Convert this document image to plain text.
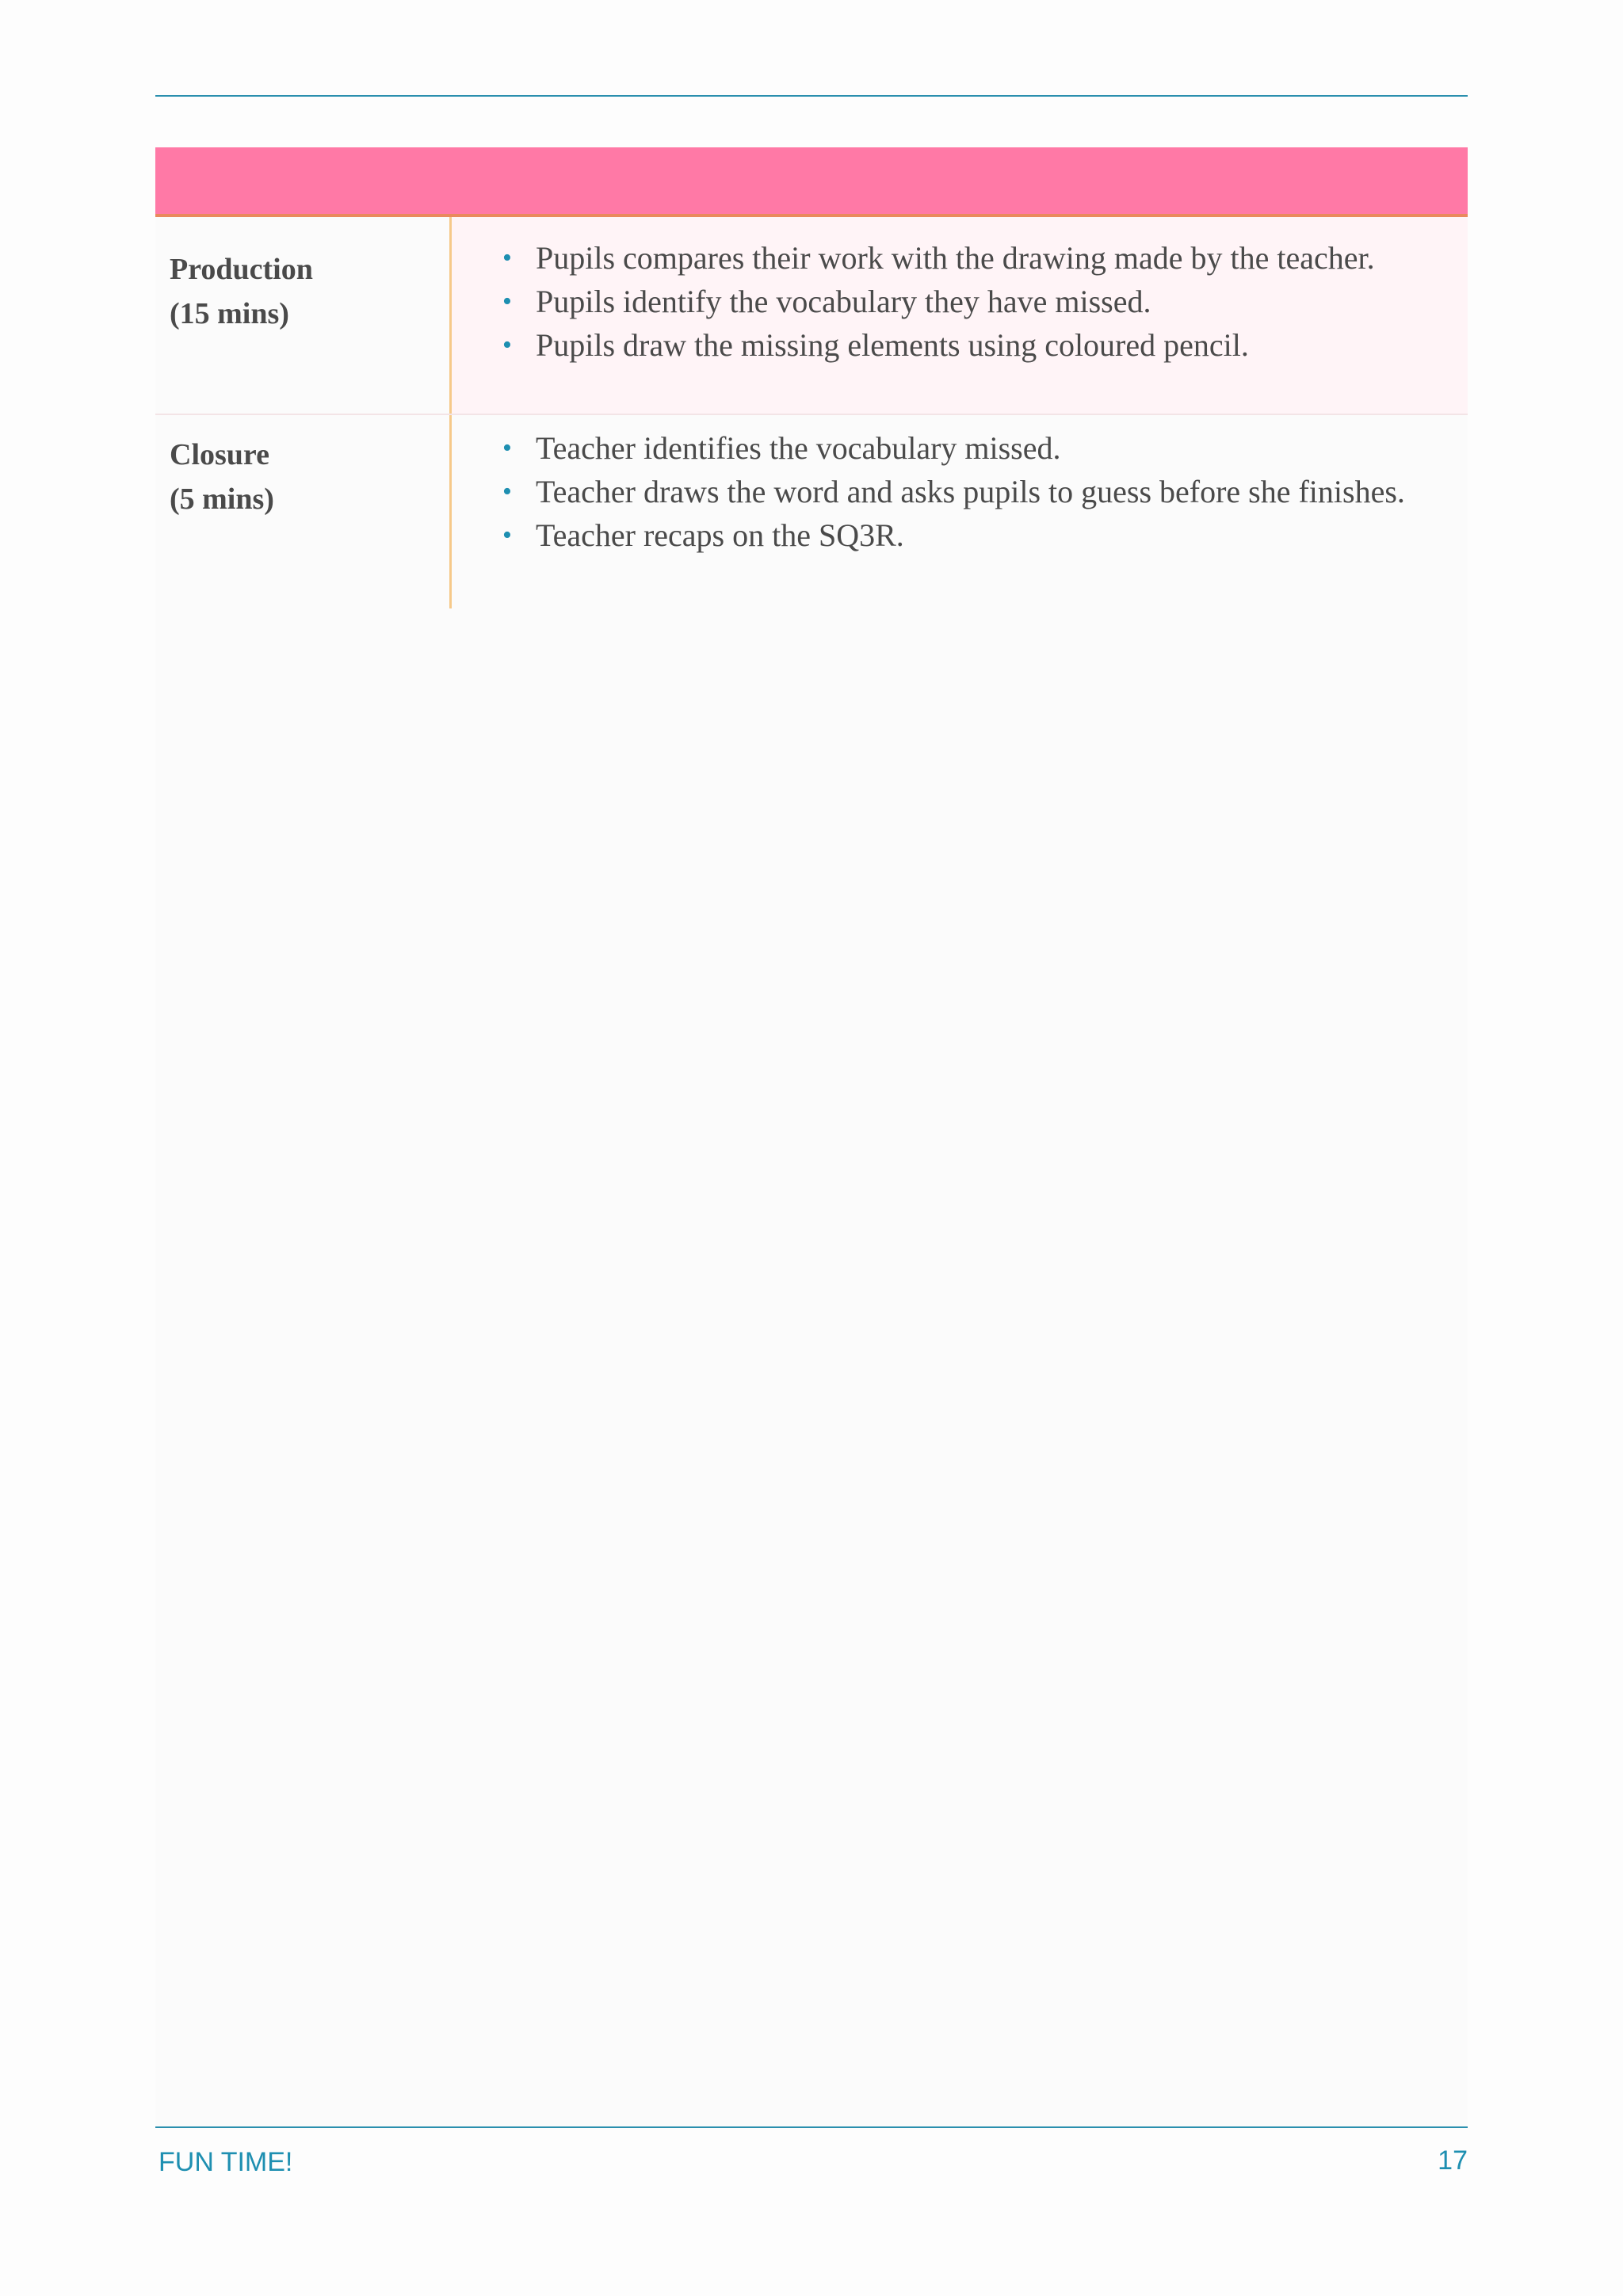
Production
(15 mins)
• Pupils compares their work with the drawing made by the teacher.
• Pupils identify the vocabulary they have missed.
• Pupils draw the missing elements using coloured pencil.
Closure
(5 mins)
• Teacher identifies the vocabulary missed.
• Teacher draws the word and asks pupils to guess before she finishes.
• Teacher recaps on the SQ3R.
FUN TIME!	17
